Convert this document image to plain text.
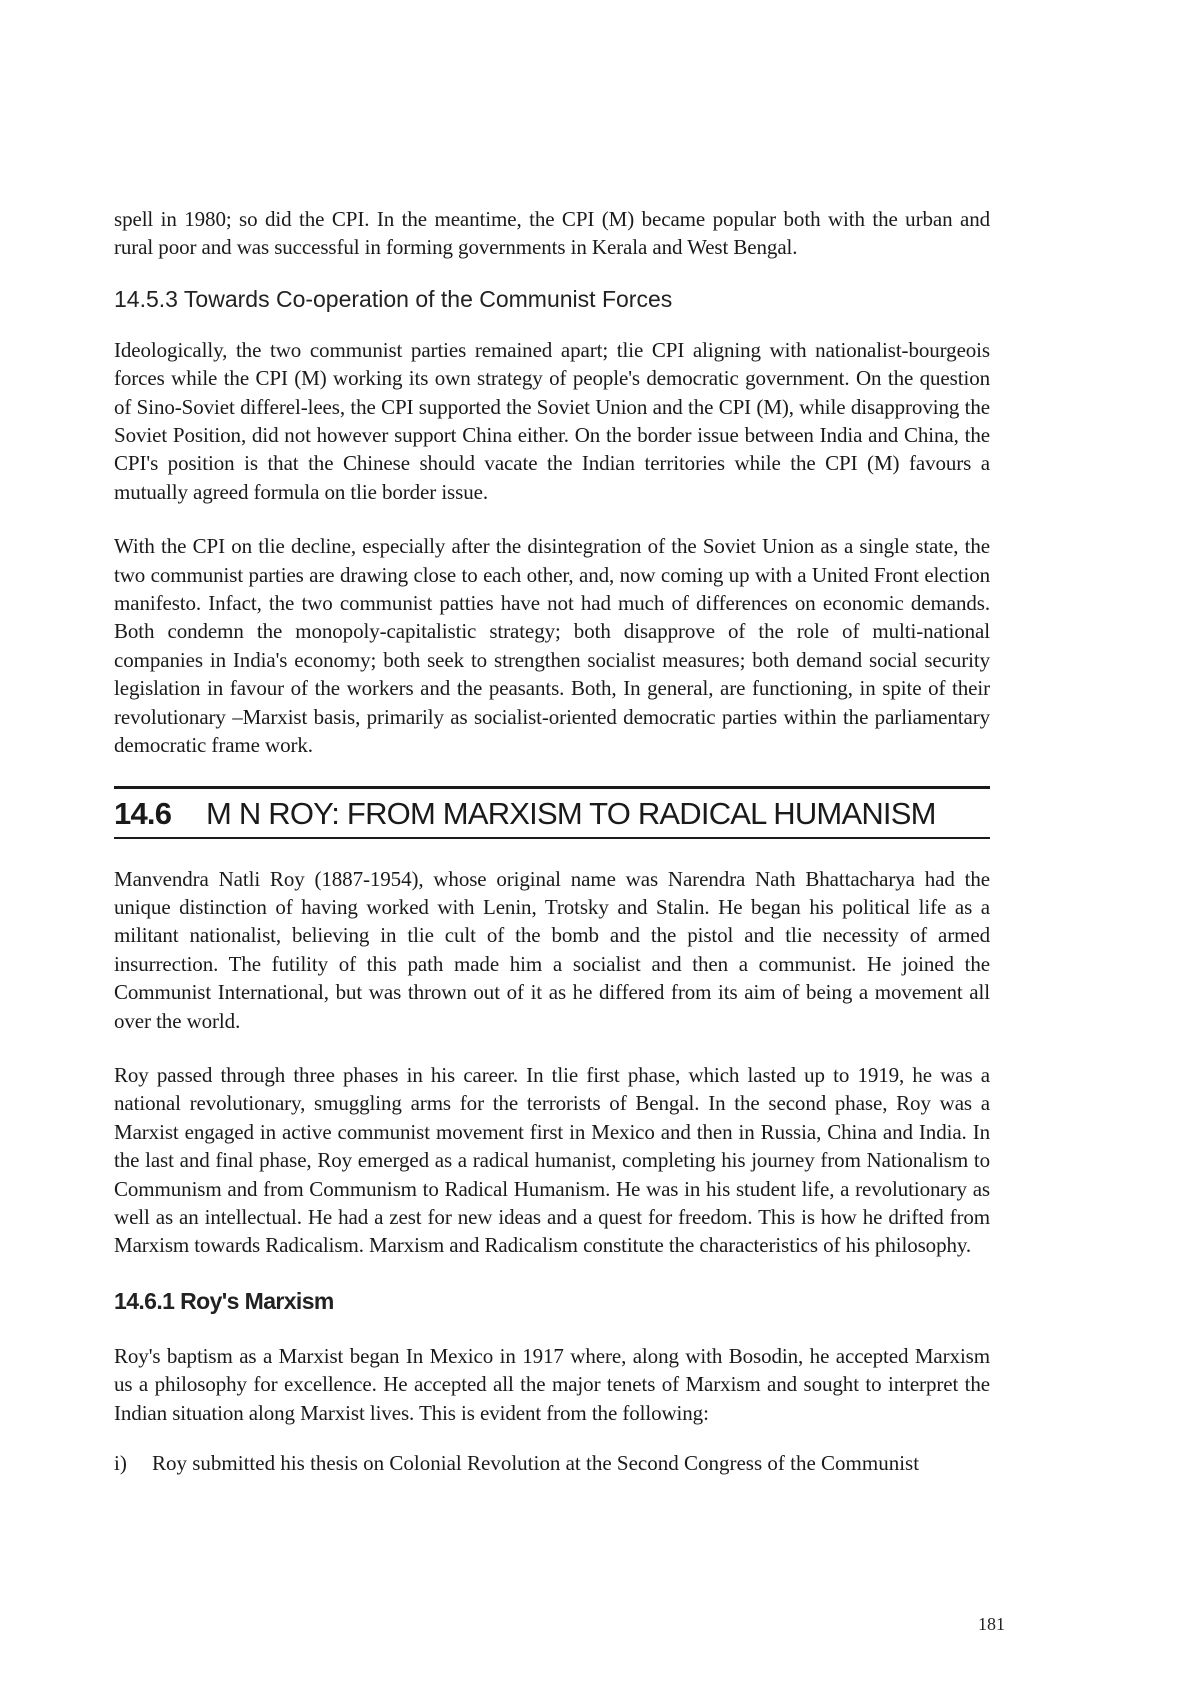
spell in 1980; so did the CPI. In the meantime, the CPI (M) became popular both with the urban and rural poor and was successful in forming governments in Kerala and West Bengal.

14.5.3 Towards Co-operation of the Communist Forces

Ideologically, the two communist parties remained apart; tlie CPI aligning with nationalist-bourgeois forces while the CPI (M) working its own strategy of people's democratic government. On the question of Sino-Soviet differel-lees, the CPI supported the Soviet Union and the CPI (M), while disapproving the Soviet Position, did not however support China either. On the border issue between India and China, the CPI's position is that the Chinese should vacate the Indian territories while the CPI (M) favours a mutually agreed formula on tlie border issue.

With the CPI on tlie decline, especially after the disintegration of the Soviet Union as a single state, the two communist parties are drawing close to each other, and, now coming up with a United Front election manifesto. Infact, the two communist patties have not had much of differences on economic demands. Both condemn the monopoly-capitalistic strategy; both disapprove of the role of multi-national companies in India's economy; both seek to strengthen socialist measures; both demand social security legislation in favour of the workers and the peasants. Both, In general, are functioning, in spite of their revolutionary –Marxist basis, primarily as socialist-oriented democratic parties within the parliamentary democratic frame work.

14.6	M N ROY: FROM MARXISM TO RADICAL HUMANISM

Manvendra Natli Roy (1887-1954), whose original name was Narendra Nath Bhattacharya had the unique distinction of having worked with Lenin, Trotsky and Stalin. He began his political life as a militant nationalist, believing in tlie cult of the bomb and the pistol and tlie necessity of armed insurrection. The futility of this path made him a socialist and then a communist. He joined the Communist International, but was thrown out of it as he differed from its aim of being a movement all over the world.

Roy passed through three phases in his career. In tlie first phase, which lasted up to 1919, he was a national revolutionary, smuggling arms for the terrorists of Bengal. In the second phase, Roy was a Marxist engaged in active communist movement first in Mexico and then in Russia, China and India. In the last and final phase, Roy emerged as a radical humanist, completing his journey from Nationalism to Communism and from Communism to Radical Humanism. He was in his student life, a revolutionary as well as an intellectual. He had a zest for new ideas and a quest for freedom. This is how he drifted from Marxism towards Radicalism. Marxism and Radicalism constitute the characteristics of his philosophy.

14.6.1 Roy's Marxism

Roy's baptism as a Marxist began In Mexico in 1917 where, along with Bosodin, he accepted Marxism us a philosophy for excellence. He accepted all the major tenets of Marxism and sought to interpret the Indian situation along Marxist lives. This is evident from the following:

i)	Roy submitted his thesis on Colonial Revolution at the Second Congress of the Communist
181
